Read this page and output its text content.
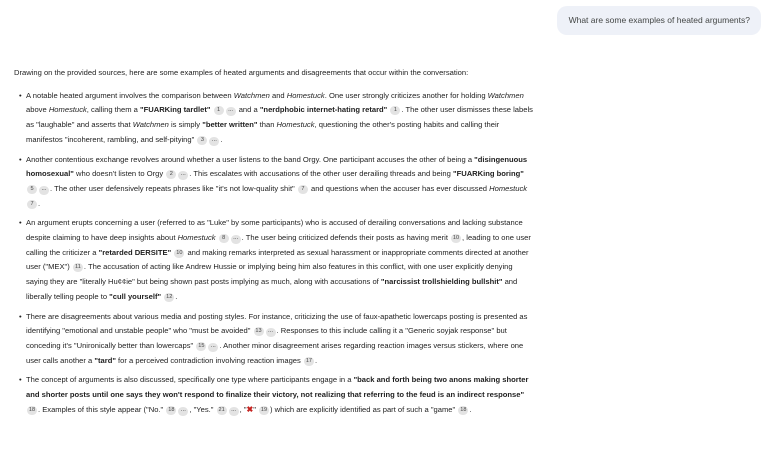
What are some examples of heated arguments?

Drawing on the provided sources, here are some examples of heated arguments and disagreements that occur within the conversation:

• A notable heated argument involves the comparison between Watchmen and Homestuck. One user strongly criticizes another for holding Watchmen above Homestuck, calling them a "FUARKing tardlet" 1 ... and a "nerdphobic internet-hating retard" 1 . The other user dismisses these labels as "laughable" and asserts that Watchmen is simply "better written" than Homestuck, questioning the other's posting habits and calling their manifestos "incoherent, rambling, and self-pitying" 3 ... .
• Another contentious exchange revolves around whether a user listens to the band Orgy. One participant accuses the other of being a "disingenuous homosexual" who doesn't listen to Orgy 2 ... . This escalates with accusations of the other user derailing threads and being "FUARKing boring" 5 ... . The other user defensively repeats phrases like "it's not low-quality shit" 7 and questions when the accuser has ever discussed Homestuck 7 .
• An argument erupts concerning a user (referred to as "Luke" by some participants) who is accused of derailing conversations and lacking substance despite claiming to have deep insights about Homestuck 8 ... . The user being criticized defends their posts as having merit 10 , leading to one user calling the criticizer a "retarded DERSITE" 10 and making remarks interpreted as sexual harassment or inappropriate comments directed at another user ("MEX") 11 . The accusation of acting like Andrew Hussie or implying being him also features in this conflict, with one user explicitly denying saying they are "literally Hu¢¢ie" but being shown past posts implying as much, along with accusations of "narcissist trollshielding bullshit" and liberally telling people to "cull yourself" 12 .
• There are disagreements about various media and posting styles. For instance, criticizing the use of faux-apathetic lowercaps posting is presented as identifying "emotional and unstable people" who "must be avoided" 13 ... . Responses to this include calling it a "Generic soyjak response" but conceding it's "Unironically better than lowercaps" 15 ... . Another minor disagreement arises regarding reaction images versus stickers, where one user calls another a "tard" for a perceived contradiction involving reaction images 17 .
• The concept of arguments is also discussed, specifically one type where participants engage in a "back and forth being two anons making shorter and shorter posts until one says they won't respond to finalize their victory, not realizing that referring to the feud is an indirect response" 18 . Examples of this style appear ("No." 18 ... , "Yes." 21 ... , "✖" 19 ) which are explicitly identified as part of such a "game" 18 .
